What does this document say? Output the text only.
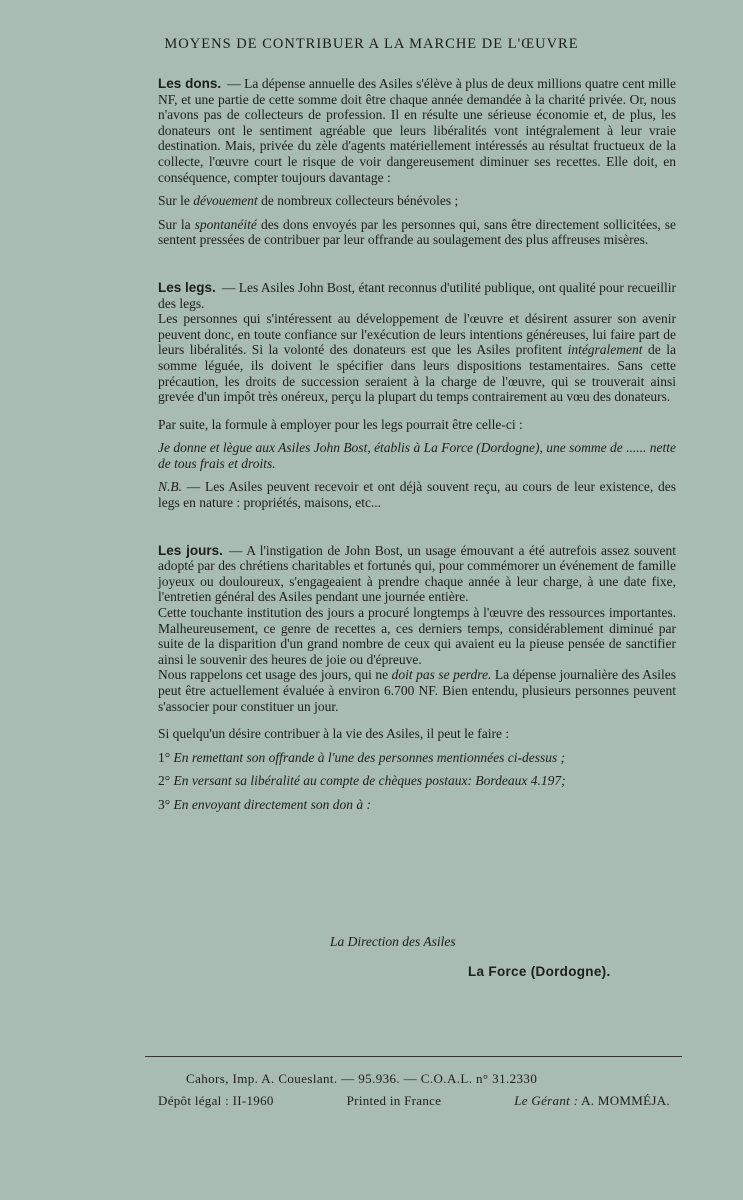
MOYENS DE CONTRIBUER A LA MARCHE DE L'ŒUVRE

Les dons. — La dépense annuelle des Asiles s'élève à plus de deux millions quatre cent mille NF, et une partie de cette somme doit être chaque année demandée à la charité privée. Or, nous n'avons pas de collecteurs de profession. Il en résulte une sérieuse économie et, de plus, les donateurs ont le sentiment agréable que leurs libéralités vont intégralement à leur vraie destination. Mais, privée du zèle d'agents matériellement intéressés au résultat fructueux de la collecte, l'œuvre court le risque de voir dangereusement diminuer ses recettes. Elle doit, en conséquence, compter toujours davantage :

Sur le dévouement de nombreux collecteurs bénévoles ;

Sur la spontanéité des dons envoyés par les personnes qui, sans être directement sollicitées, se sentent pressées de contribuer par leur offrande au soulagement des plus affreuses misères.

Les legs. — Les Asiles John Bost, étant reconnus d'utilité publique, ont qualité pour recueillir des legs.

Les personnes qui s'intéressent au développement de l'œuvre et désirent assurer son avenir peuvent donc, en toute confiance sur l'exécution de leurs intentions généreuses, lui faire part de leurs libéralités. Si la volonté des donateurs est que les Asiles profitent intégralement de la somme léguée, ils doivent le spécifier dans leurs dispositions testamentaires. Sans cette précaution, les droits de succession seraient à la charge de l'œuvre, qui se trouverait ainsi grevée d'un impôt très onéreux, perçu la plupart du temps contrairement au vœu des donateurs.

Par suite, la formule à employer pour les legs pourrait être celle-ci :

Je donne et lègue aux Asiles John Bost, établis à La Force (Dordogne), une somme de ...... nette de tous frais et droits.

N.B. — Les Asiles peuvent recevoir et ont déjà souvent reçu, au cours de leur existence, des legs en nature : propriétés, maisons, etc...

Les jours. — A l'instigation de John Bost, un usage émouvant a été autrefois assez souvent adopté par des chrétiens charitables et fortunés qui, pour commémorer un événement de famille joyeux ou douloureux, s'engageaient à prendre chaque année à leur charge, à une date fixe, l'entretien général des Asiles pendant une journée entière.

Cette touchante institution des jours a procuré longtemps à l'œuvre des ressources importantes. Malheureusement, ce genre de recettes a, ces derniers temps, considérablement diminué par suite de la disparition d'un grand nombre de ceux qui avaient eu la pieuse pensée de sanctifier ainsi le souvenir des heures de joie ou d'épreuve.

Nous rappelons cet usage des jours, qui ne doit pas se perdre. La dépense journalière des Asiles peut être actuellement évaluée à environ 6.700 NF. Bien entendu, plusieurs personnes peuvent s'associer pour constituer un jour.

Si quelqu'un désire contribuer à la vie des Asiles, il peut le faire :

1° En remettant son offrande à l'une des personnes mentionnées ci-dessus ;

2° En versant sa libéralité au compte de chèques postaux: Bordeaux 4.197;

3° En envoyant directement son don à :

La Direction des Asiles
La Force (Dordogne).
Cahors, Imp. A. Coueslant. — 95.936. — C.O.A.L. n° 31.2330
Dépôt légal : II-1960	Printed in France	Le Gérant : A. MOMMÉJA.
